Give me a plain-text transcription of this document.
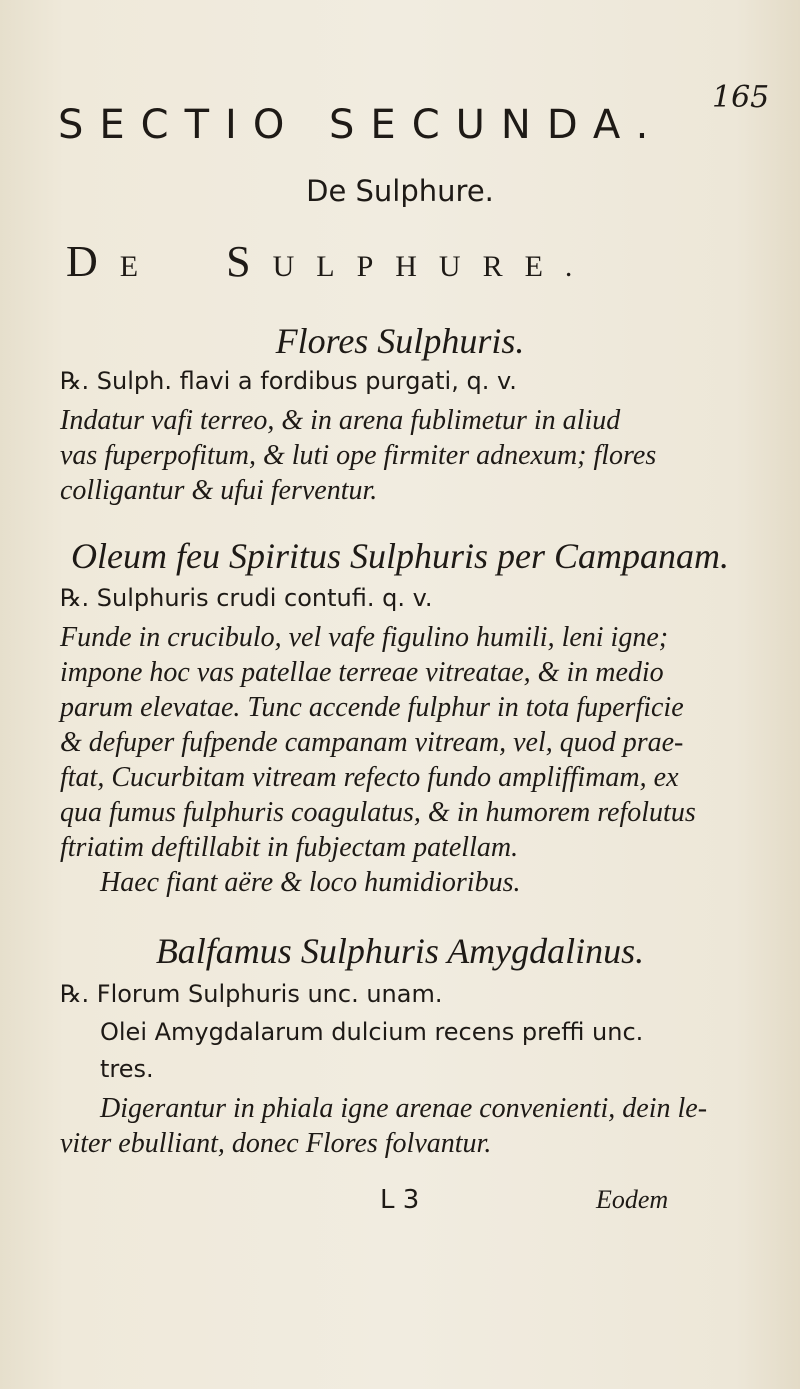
165
SECTIO SECUNDA.
De Sulphure.
DE SULPHURE.
Flores Sulphuris.
℞. Sulph. flavi a fordibus purgati, q. v.
Indatur vafi terreo, & in arena fublimetur in aliud
vas fuperpofitum, & luti ope firmiter adnexum; flores
colligantur & ufui ferventur.
Oleum feu Spiritus Sulphuris per Campanam.
℞. Sulphuris crudi contufi. q. v.
Funde in crucibulo, vel vafe figulino humili, leni igne;
impone hoc vas patellae terreae vitreatae, & in medio
parum elevatae. Tunc accende fulphur in tota fuperficie
& defuper fufpende campanam vitream, vel, quod prae-
ftat, Cucurbitam vitream refecto fundo ampliffimam, ex
qua fumus fulphuris coagulatus, & in humorem refolutus
ftriatim deftillabit in fubjectam patellam.
Haec fiant aëre & loco humidioribus.
Balfamus Sulphuris Amygdalinus.
℞. Florum Sulphuris unc. unam.
Olei Amygdalarum dulcium recens preffi unc.
tres.
Digerantur in phiala igne arenae convenienti, dein le-
viter ebulliant, donec Flores folvantur.
L 3	Eodem
